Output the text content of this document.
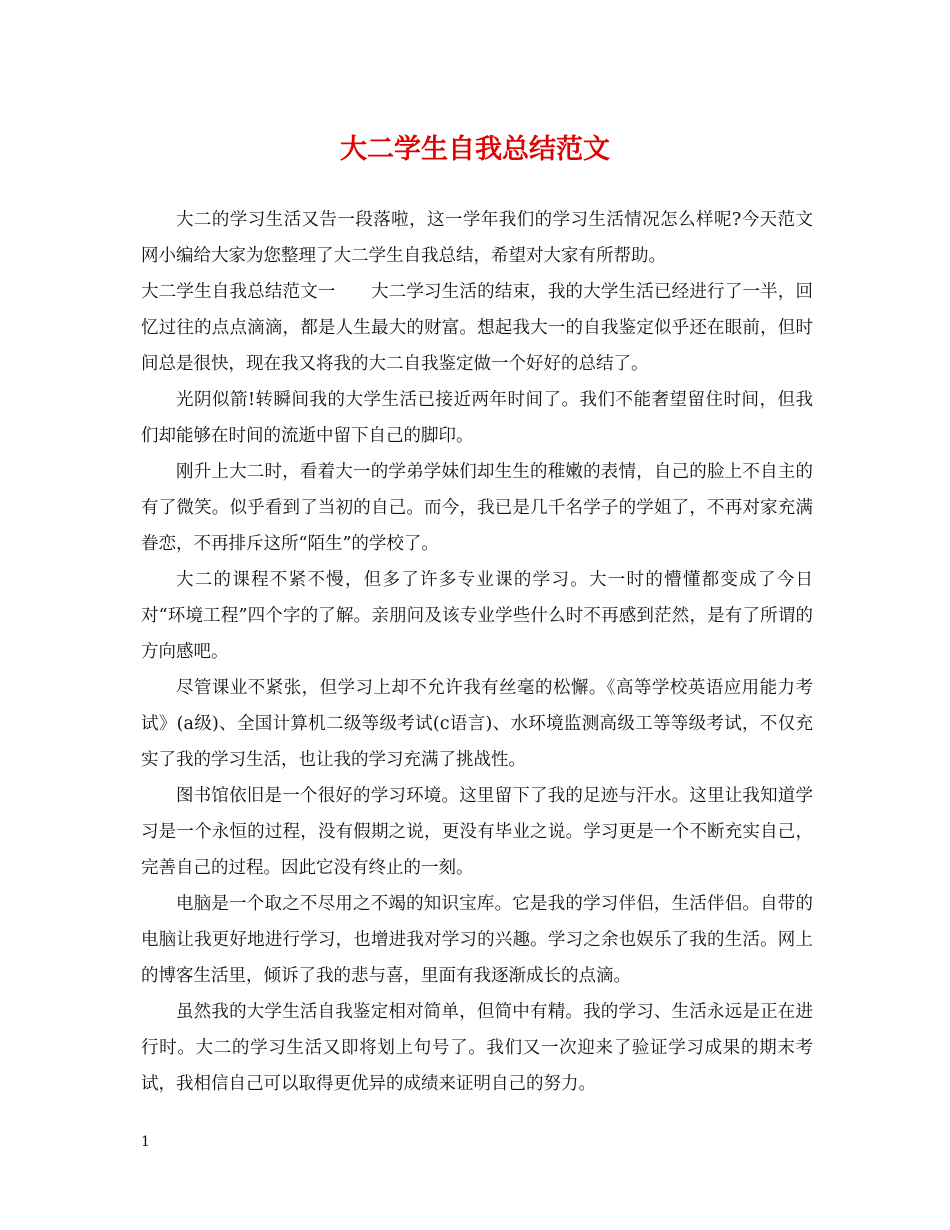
大二学生自我总结范文

大二的学习生活又告一段落啦，这一学年我们的学习生活情况怎么样呢?今天范文网小编给大家为您整理了大二学生自我总结，希望对大家有所帮助。

大二学生自我总结范文一　　大二学习生活的结束，我的大学生活已经进行了一半，回忆过往的点点滴滴，都是人生最大的财富。想起我大一的自我鉴定似乎还在眼前，但时间总是很快，现在我又将我的大二自我鉴定做一个好好的总结了。

光阴似箭!转瞬间我的大学生活已接近两年时间了。我们不能奢望留住时间，但我们却能够在时间的流逝中留下自己的脚印。

刚升上大二时，看着大一的学弟学妹们却生生的稚嫩的表情，自己的脸上不自主的有了微笑。似乎看到了当初的自己。而今，我已是几千名学子的学姐了，不再对家充满眷恋，不再排斥这所“陌生”的学校了。

大二的课程不紧不慢，但多了许多专业课的学习。大一时的懵懂都变成了今日对“环境工程”四个字的了解。亲朋问及该专业学些什么时不再感到茫然，是有了所谓的方向感吧。

尽管课业不紧张，但学习上却不允许我有丝毫的松懈。《高等学校英语应用能力考试》(a级)、全国计算机二级等级考试(c语言)、水环境监测高级工等等级考试，不仅充实了我的学习生活，也让我的学习充满了挑战性。

图书馆依旧是一个很好的学习环境。这里留下了我的足迹与汗水。这里让我知道学习是一个永恒的过程，没有假期之说，更没有毕业之说。学习更是一个不断充实自己，完善自己的过程。因此它没有终止的一刻。

电脑是一个取之不尽用之不竭的知识宝库。它是我的学习伴侣，生活伴侣。自带的电脑让我更好地进行学习，也增进我对学习的兴趣。学习之余也娱乐了我的生活。网上的博客生活里，倾诉了我的悲与喜，里面有我逐渐成长的点滴。

虽然我的大学生活自我鉴定相对简单，但简中有精。我的学习、生活永远是正在进行时。大二的学习生活又即将划上句号了。我们又一次迎来了验证学习成果的期末考试，我相信自己可以取得更优异的成绩来证明自己的努力。

1
